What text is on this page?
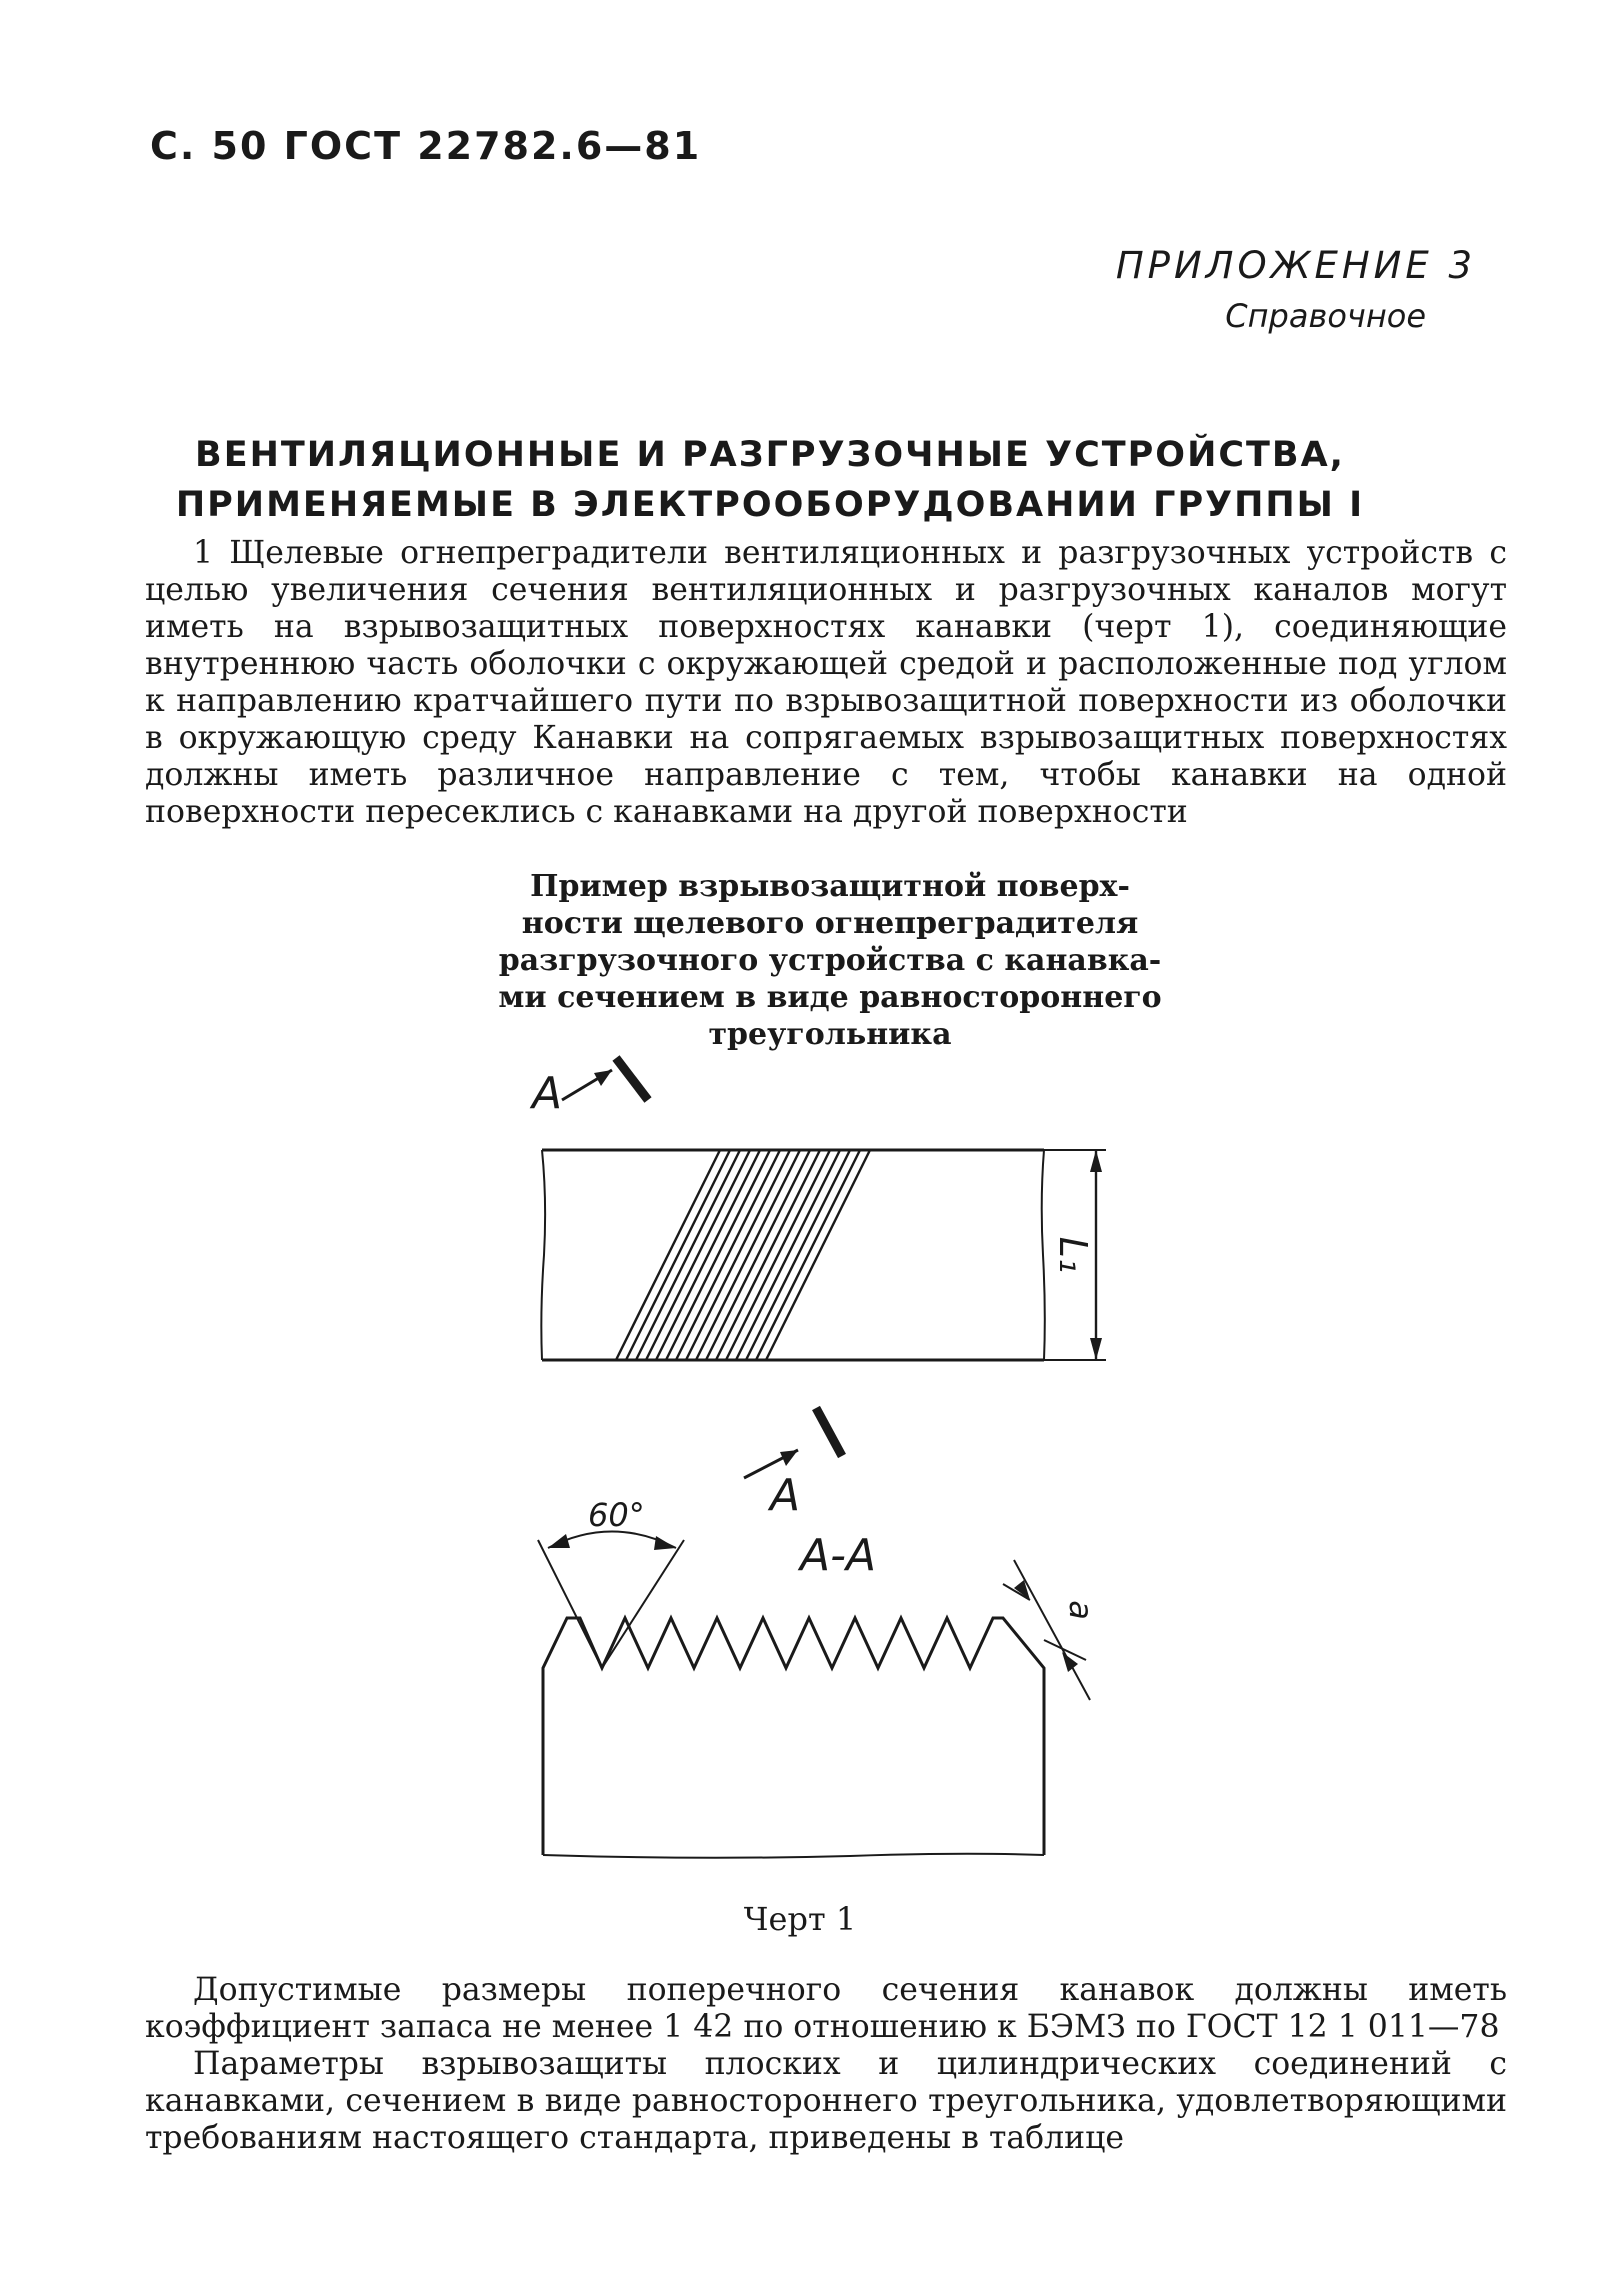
С. 50 ГОСТ 22782.6—81
ПРИЛОЖЕНИЕ 3
Справочное
ВЕНТИЛЯЦИОННЫЕ И РАЗГРУЗОЧНЫЕ УСТРОЙСТВА,
ПРИМЕНЯЕМЫЕ В ЭЛЕКТРООБОРУДОВАНИИ ГРУППЫ I

1 Щелевые огнепреградители вентиляционных и разгрузочных устройств с целью увеличения сечения вентиляционных и разгрузочных каналов могут иметь на взрывозащитных поверхностях канавки (черт 1), соединяющие внутреннюю часть оболочки с окружающей средой и расположенные под углом к направлению кратчайшего пути по взрывозащитной поверхности из оболочки в окружающую среду Канавки на сопрягаемых взрывозащитных поверхностях должны иметь различное направление с тем, чтобы канавки на одной поверхности пересеклись с канавками на другой поверхности

Пример взрывозащитной поверх-
ности щелевого огнепреградителя
разгрузочного устройства с канавка-
ми сечением в виде равностороннего
треугольника
А
L₁
А
А-А
60°
a
Черт 1

Допустимые размеры поперечного сечения канавок должны иметь коэффициент запаса не менее 1 42 по отношению к БЭМЗ по ГОСТ 12 1 011—78

Параметры взрывозащиты плоских и цилиндрических соединений с канавками, сечением в виде равностороннего треугольника, удовлетворяющими требованиям настоящего стандарта, приведены в таблице
